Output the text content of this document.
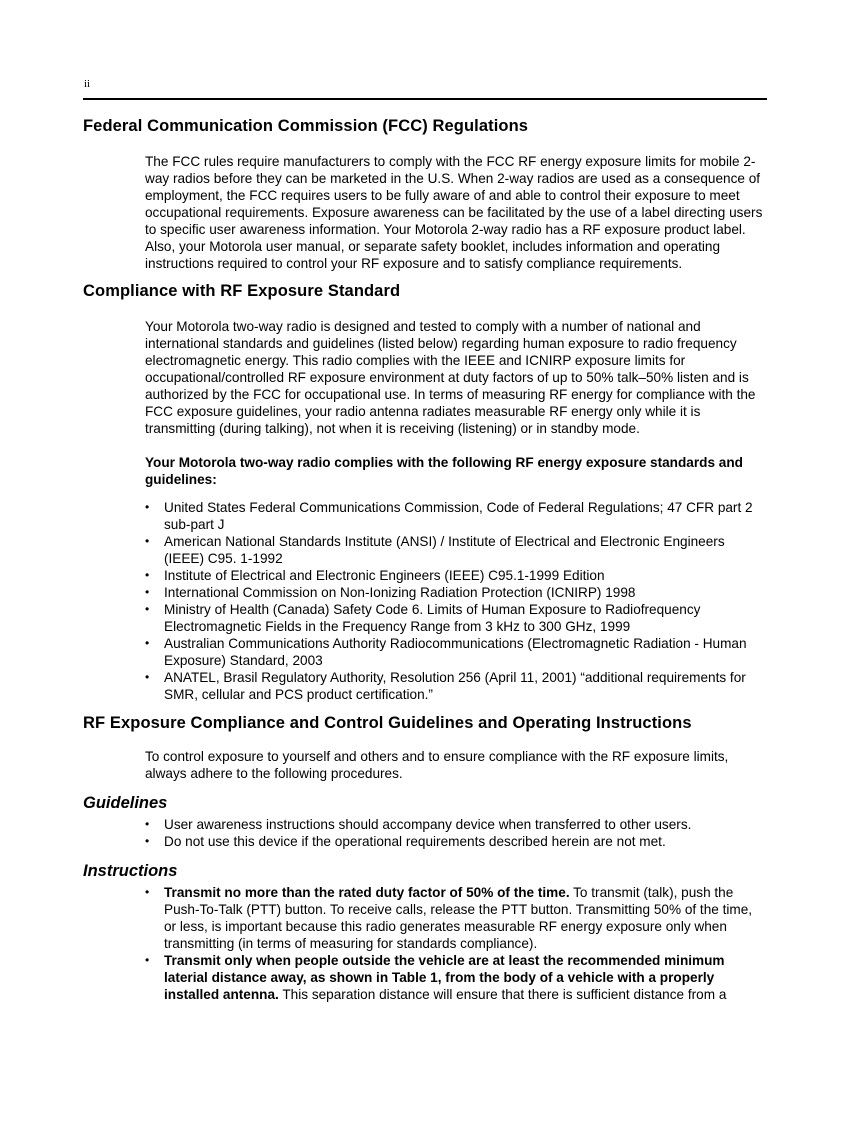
ii
Federal Communication Commission (FCC) Regulations

The FCC rules require manufacturers to comply with the FCC RF energy exposure limits for mobile 2-way radios before they can be marketed in the U.S. When 2-way radios are used as a consequence of employment, the FCC requires users to be fully aware of and able to control their exposure to meet occupational requirements. Exposure awareness can be facilitated by the use of a label directing users to specific user awareness information. Your Motorola 2-way radio has a RF exposure product label. Also, your Motorola user manual, or separate safety booklet, includes information and operating instructions required to control your RF exposure and to satisfy compliance requirements.

Compliance with RF Exposure Standard

Your Motorola two-way radio is designed and tested to comply with a number of national and international standards and guidelines (listed below) regarding human exposure to radio frequency electromagnetic energy. This radio complies with the IEEE and ICNIRP exposure limits for occupational/controlled RF exposure environment at duty factors of up to 50% talk–50% listen and is authorized by the FCC for occupational use. In terms of measuring RF energy for compliance with the FCC exposure guidelines, your radio antenna radiates measurable RF energy only while it is transmitting (during talking), not when it is receiving (listening) or in standby mode.

Your Motorola two-way radio complies with the following RF energy exposure standards and guidelines:

• United States Federal Communications Commission, Code of Federal Regulations; 47 CFR part 2 sub-part J
• American National Standards Institute (ANSI) / Institute of Electrical and Electronic Engineers (IEEE) C95. 1-1992
• Institute of Electrical and Electronic Engineers (IEEE) C95.1-1999 Edition
• International Commission on Non-Ionizing Radiation Protection (ICNIRP) 1998
• Ministry of Health (Canada) Safety Code 6. Limits of Human Exposure to Radiofrequency Electromagnetic Fields in the Frequency Range from 3 kHz to 300 GHz, 1999
• Australian Communications Authority Radiocommunications (Electromagnetic Radiation - Human Exposure) Standard, 2003
• ANATEL, Brasil Regulatory Authority, Resolution 256 (April 11, 2001) “additional requirements for SMR, cellular and PCS product certification.”
RF Exposure Compliance and Control Guidelines and Operating Instructions

To control exposure to yourself and others and to ensure compliance with the RF exposure limits, always adhere to the following procedures.

Guidelines
• User awareness instructions should accompany device when transferred to other users.
• Do not use this device if the operational requirements described herein are not met.
Instructions
• Transmit no more than the rated duty factor of 50% of the time. To transmit (talk), push the Push-To-Talk (PTT) button. To receive calls, release the PTT button. Transmitting 50% of the time, or less, is important because this radio generates measurable RF energy exposure only when transmitting (in terms of measuring for standards compliance).
• Transmit only when people outside the vehicle are at least the recommended minimum laterial distance away, as shown in Table 1, from the body of a vehicle with a properly installed antenna. This separation distance will ensure that there is sufficient distance from a
